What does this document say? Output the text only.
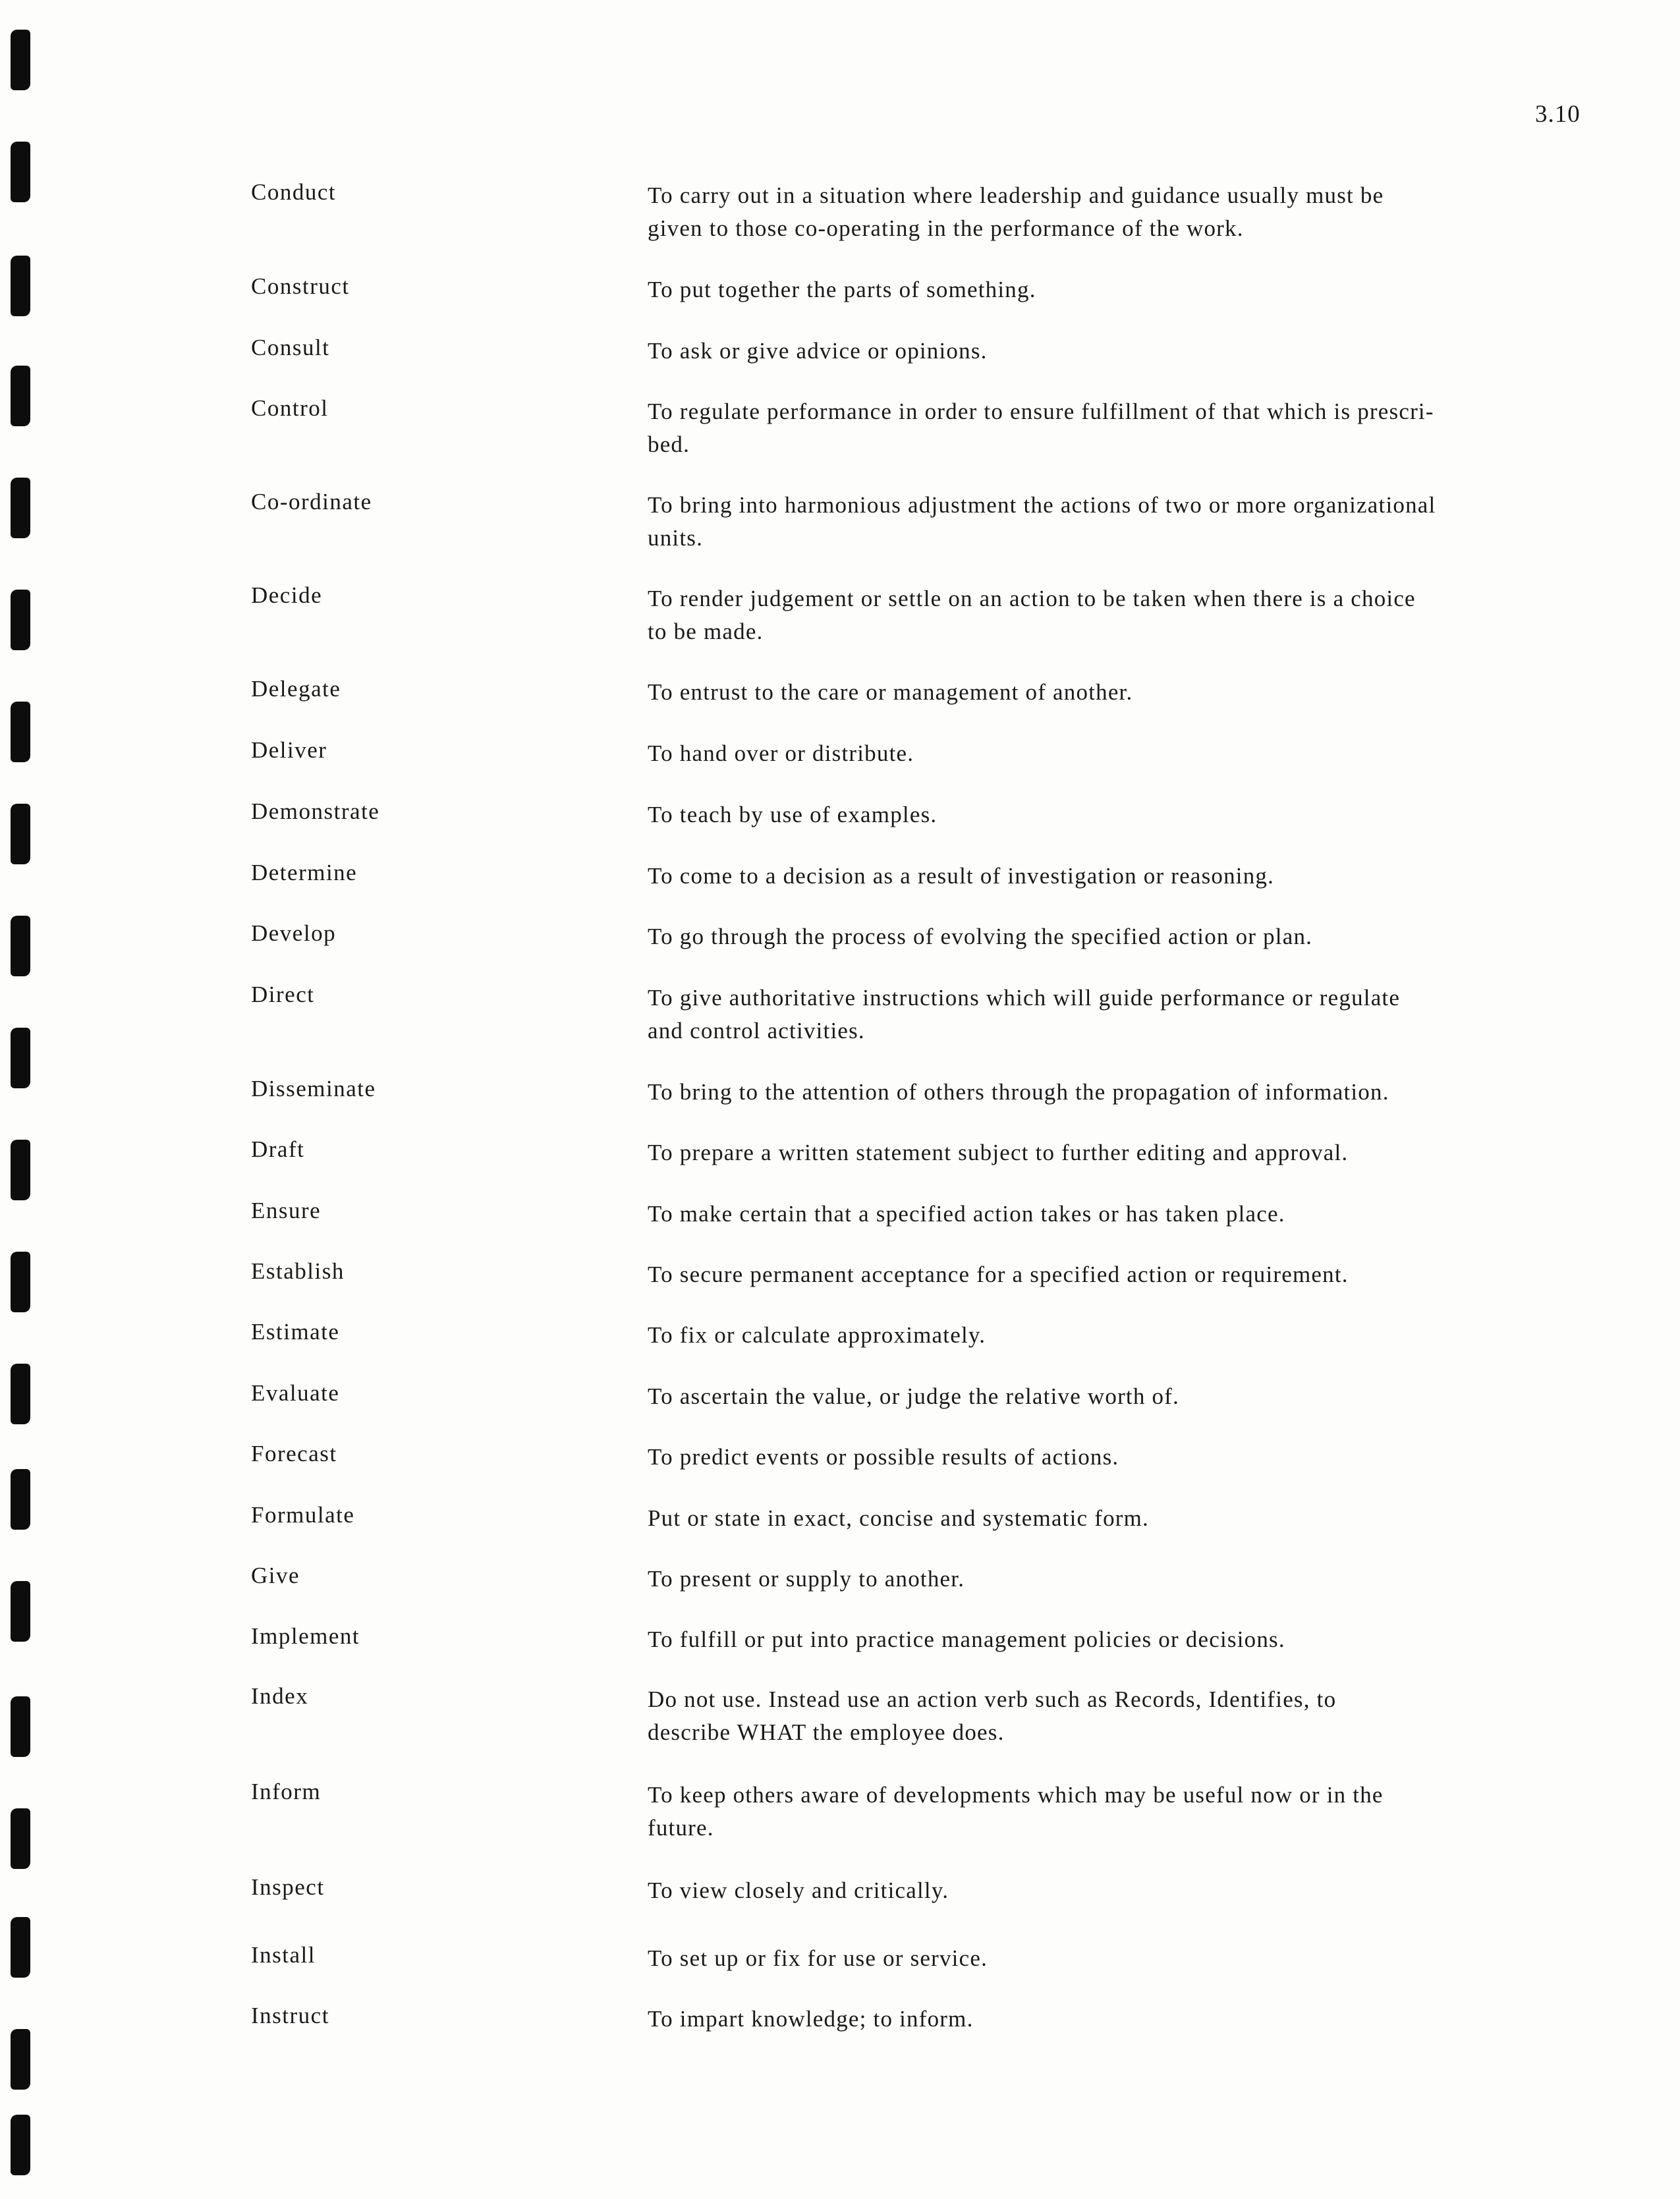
3.10
Conduct	To carry out in a situation where leadership and guidance usually must be
given to those co-operating in the performance of the work.
Construct	To put together the parts of something.
Consult	To ask or give advice or opinions.
Control	To regulate performance in order to ensure fulfillment of that which is prescri-
bed.
Co-ordinate	To bring into harmonious adjustment the actions of two or more organizational
units.
Decide	To render judgement or settle on an action to be taken when there is a choice
to be made.
Delegate	To entrust to the care or management of another.
Deliver	To hand over or distribute.
Demonstrate	To teach by use of examples.
Determine	To come to a decision as a result of investigation or reasoning.
Develop	To go through the process of evolving the specified action or plan.
Direct	To give authoritative instructions which will guide performance or regulate
and control activities.
Disseminate	To bring to the attention of others through the propagation of information.
Draft	To prepare a written statement subject to further editing and approval.
Ensure	To make certain that a specified action takes or has taken place.
Establish	To secure permanent acceptance for a specified action or requirement.
Estimate	To fix or calculate approximately.
Evaluate	To ascertain the value, or judge the relative worth of.
Forecast	To predict events or possible results of actions.
Formulate	Put or state in exact, concise and systematic form.
Give	To present or supply to another.
Implement	To fulfill or put into practice management policies or decisions.
Index	Do not use. Instead use an action verb such as Records, Identifies, to
describe WHAT the employee does.
Inform	To keep others aware of developments which may be useful now or in the
future.
Inspect	To view closely and critically.
Install	To set up or fix for use or service.
Instruct	To impart knowledge; to inform.
